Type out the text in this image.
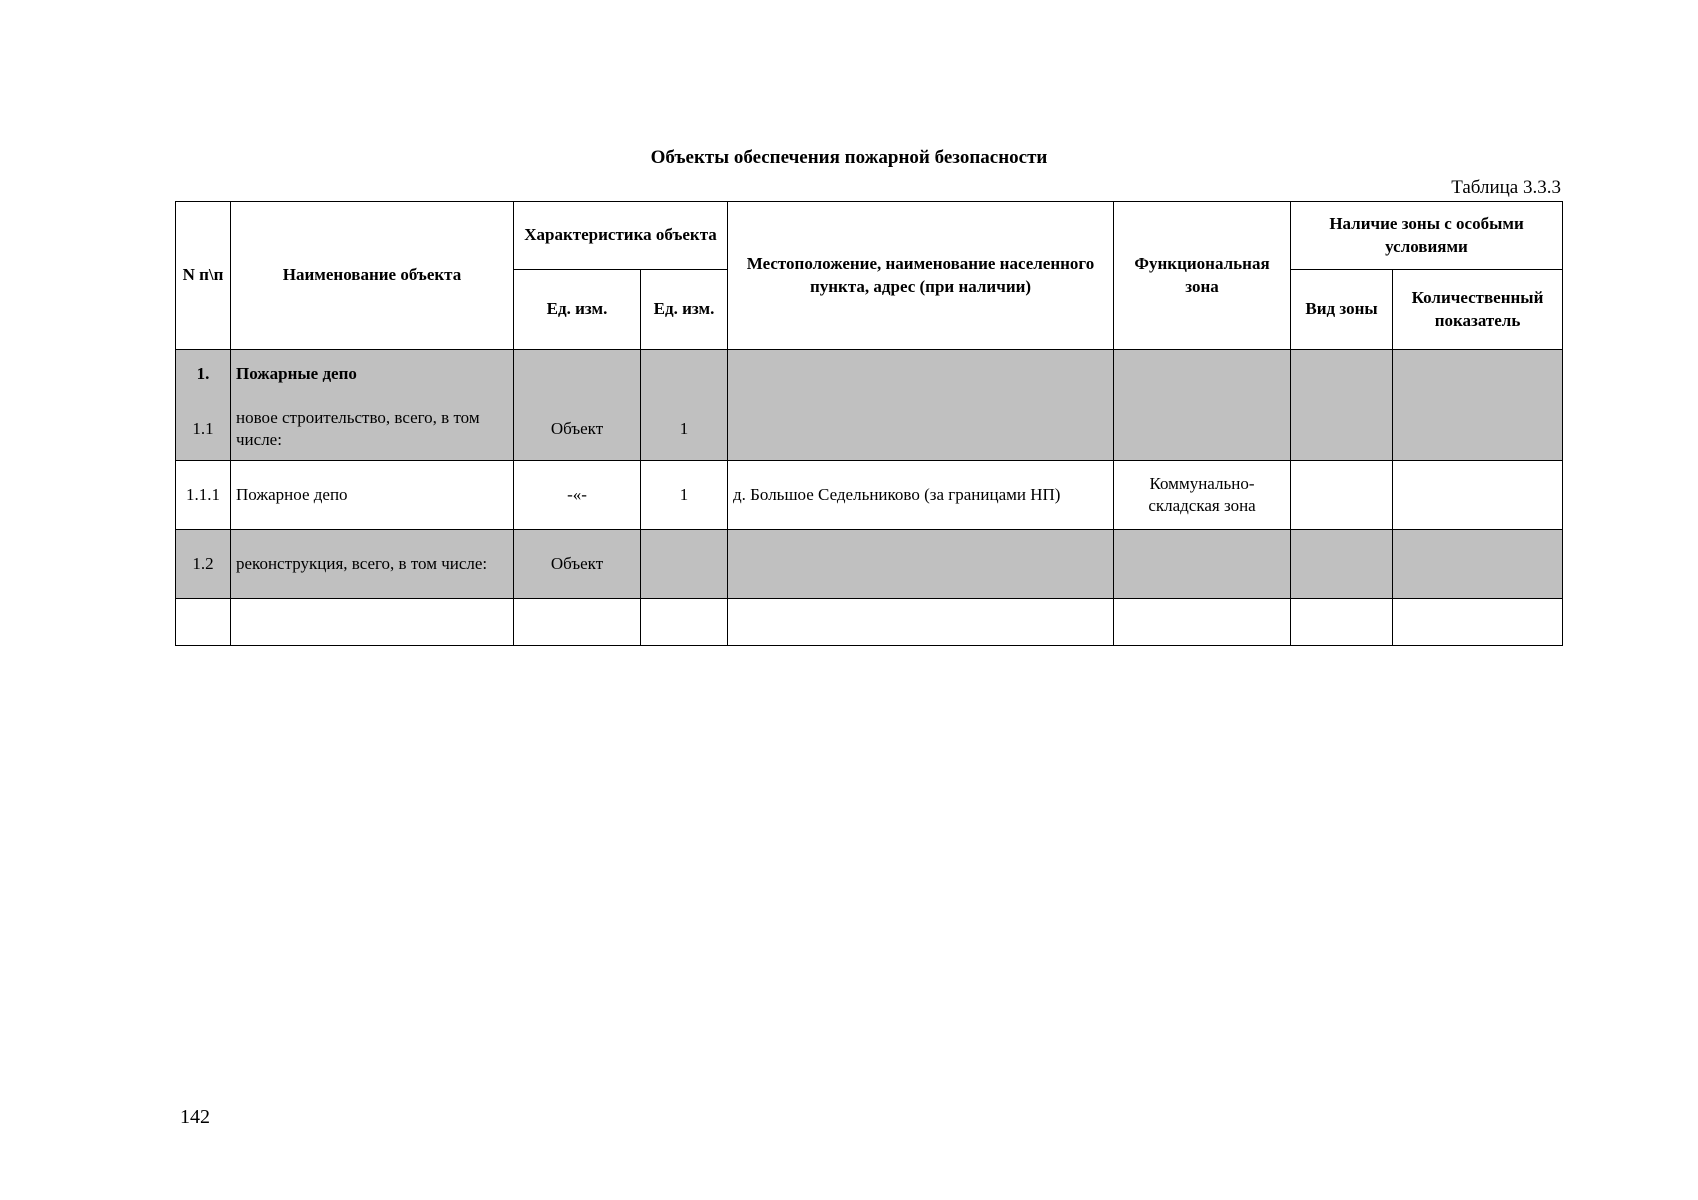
Объекты обеспечения пожарной безопасности
Таблица 3.3.3
N п\п	Наименование объекта	Характеристика объекта		Местоположение, наименование населенного пункта, адрес (при наличии)	Функциональная зона	Наличие зоны с особыми условиями	
		Ед. изм.	Ед. изм.			Вид зоны	Количественный показатель
1.	Пожарные депо						
1.1	новое строительство, всего, в том числе:	Объект	1				
1.1.1	Пожарное депо	-«-	1	д. Большое Седельниково (за границами НП)	Коммунально-складская зона		
1.2	реконструкция, всего, в том числе:	Объект					

142
